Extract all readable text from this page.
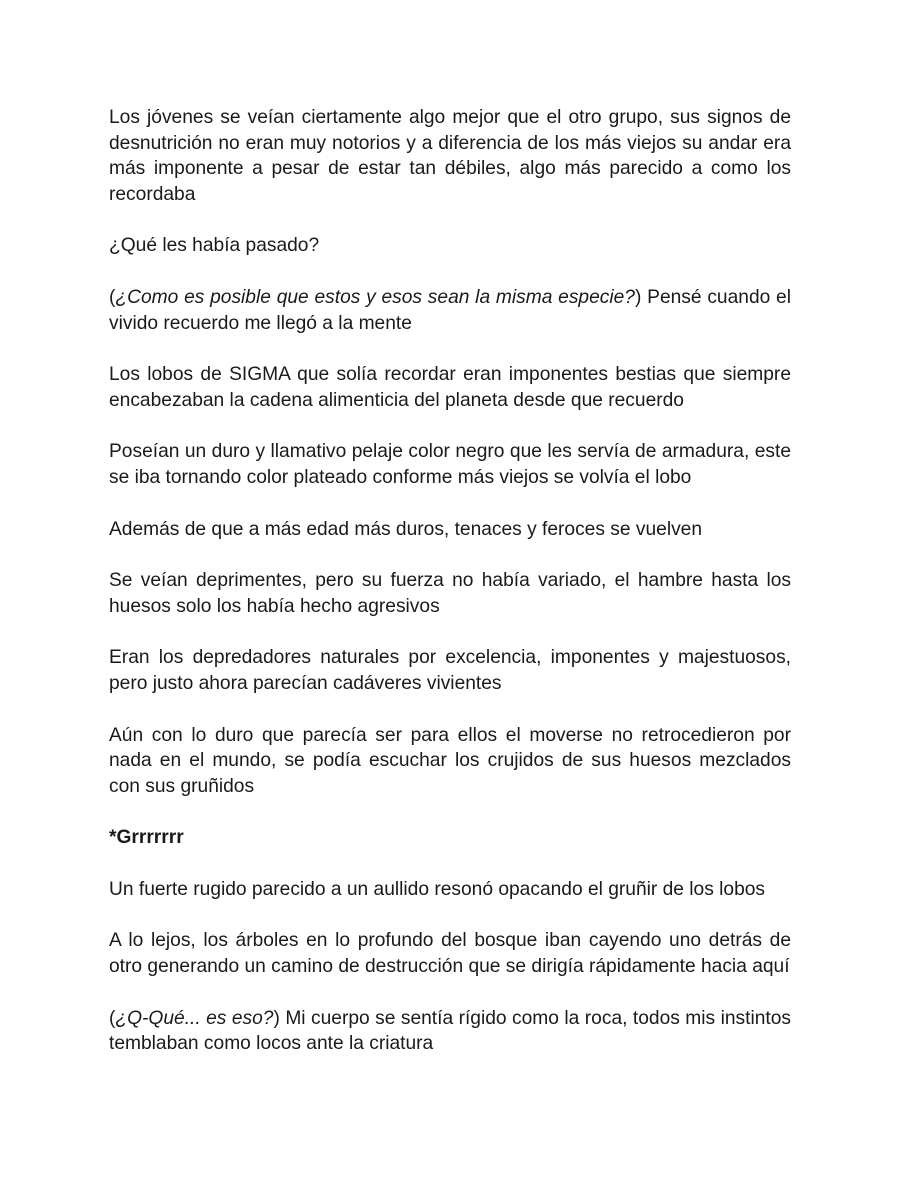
Los jóvenes se veían ciertamente algo mejor que el otro grupo, sus signos de desnutrición no eran muy notorios y a diferencia de los más viejos su andar era más imponente a pesar de estar tan débiles, algo más parecido a como los recordaba

¿Qué les había pasado?

(¿Como es posible que estos y esos sean la misma especie?) Pensé cuando el vivido recuerdo me llegó a la mente

Los lobos de SIGMA que solía recordar eran imponentes bestias que siempre encabezaban la cadena alimenticia del planeta desde que recuerdo

Poseían un duro y llamativo pelaje color negro que les servía de armadura, este se iba tornando color plateado conforme más viejos se volvía el lobo

Además de que a más edad más duros, tenaces y feroces se vuelven

Se veían deprimentes, pero su fuerza no había variado, el hambre hasta los huesos solo los había hecho agresivos

Eran los depredadores naturales por excelencia, imponentes y majestuosos, pero justo ahora parecían cadáveres vivientes

Aún con lo duro que parecía ser para ellos el moverse no retrocedieron por nada en el mundo, se podía escuchar los crujidos de sus huesos mezclados con sus gruñidos

*Grrrrrrr

Un fuerte rugido parecido a un aullido resonó opacando el gruñir de los lobos

A lo lejos, los árboles en lo profundo del bosque iban cayendo uno detrás de otro generando un camino de destrucción que se dirigía rápidamente hacia aquí

(¿Q-Qué... es eso?) Mi cuerpo se sentía rígido como la roca, todos mis instintos temblaban como locos ante la criatura
